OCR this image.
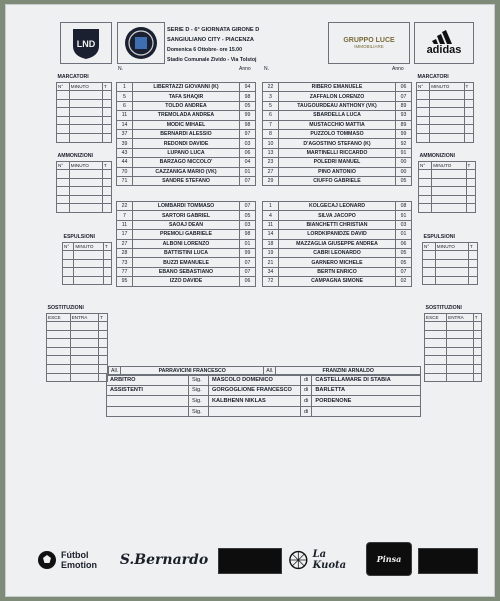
LND
SERIE D - 6° GIORNATA GIRONE D
SANGIULIANO CITY - PIACENZA
Domenica 6 Ottobre- ore 15.00
Stadio Comunale Zivido - Via Tolstoj
GRUPPO LUCE
IMMOBILIARE	adidas
N.	Anno	N.	Anno
1	LIBERTAZZI GIOVANNI (K)	94
5	TAFA SHAQIR	98
6	TOLDO ANDREA	05
11	TREMOLADA ANDREA	99
14	MODIC MIHAEL	98
37	BERNARDI ALESSIO	97
39	REDONDI DAVIDE	03
43	LUPANO LUCA	06
44	BARZAGO NICCOLO'	04
70	CAZZANIGA MARIO (VK)	01
71	SANDRE STEFANO	07
22	RIBERO EMANUELE	06
3	ZAFFALON LORENZO	07
5	TAUGOURDEAU ANTHONY (VK)	89
6	SBARDELLA LUCA	93
7	MUSTACCHIO MATTIA	89
8	PUZZOLO TOMMASO	99
10	D'AGOSTINO STEFANO (K)	92
13	MARTINELLI RICCARDO	91
23	POLEDRI MANUEL	00
27	PINO ANTONIO	00
29	CIUFFO GABRIELE	05
22	LOMBARDI TOMMASO	07
7	SARTORI GABRIEL	05
11	SAOAJ DEAN	03
17	PREMOLI GABRIELE	98
27	ALBONI LORENZO	01
28	BATTISTINI LUCA	99
73	BUZZI EMANUELE	07
77	EBANO SEBASTIANO	07
95	IZZO DAVIDE	06
1	KOLGECAJ LEONARD	08
4	SILVA JACOPO	91
11	BIANCHETTI CHRISTIAN	03
14	LORDKIPANIDZE DAVID	01
18	MAZZAGLIA GIUSEPPE ANDREA	06
19	CABRI LEONARDO	05
21	GARNERO MICHELE	05
34	BERTN ENRICO	07
72	CAMPAGNA SIMONE	02
All.	PARRAVICINI FRANCESCO	All.	FRANZINI ARNALDO
ARBITRO	Sig.	MASCOLO DOMENICO	di	CASTELLAMARE DI STABIA
ASSISTENTI	Sig.	GORGOGLIONE FRANCESCO	di	BARLETTA
	Sig.	KALBHENN NIKLAS	di	PORDENONE
	Sig.		di	
MARCATORI		
N°	MINUTO	T

AMMONIZIONI		
N°	MINUTO	T

ESPULSIONI		
N°	MINUTO	T

SOSTITUZIONI		
ESCE	ENTRA	T

MARCATORI		
N°	MINUTO	T

AMMONIZIONI		
N°	MINUTO	T

ESPULSIONI		
N°	MINUTO	T

SOSTITUZIONI		
ESCE	ENTRA	T

Fútbol
Emotion S.Bernardo	La Kuota
Pinsa
